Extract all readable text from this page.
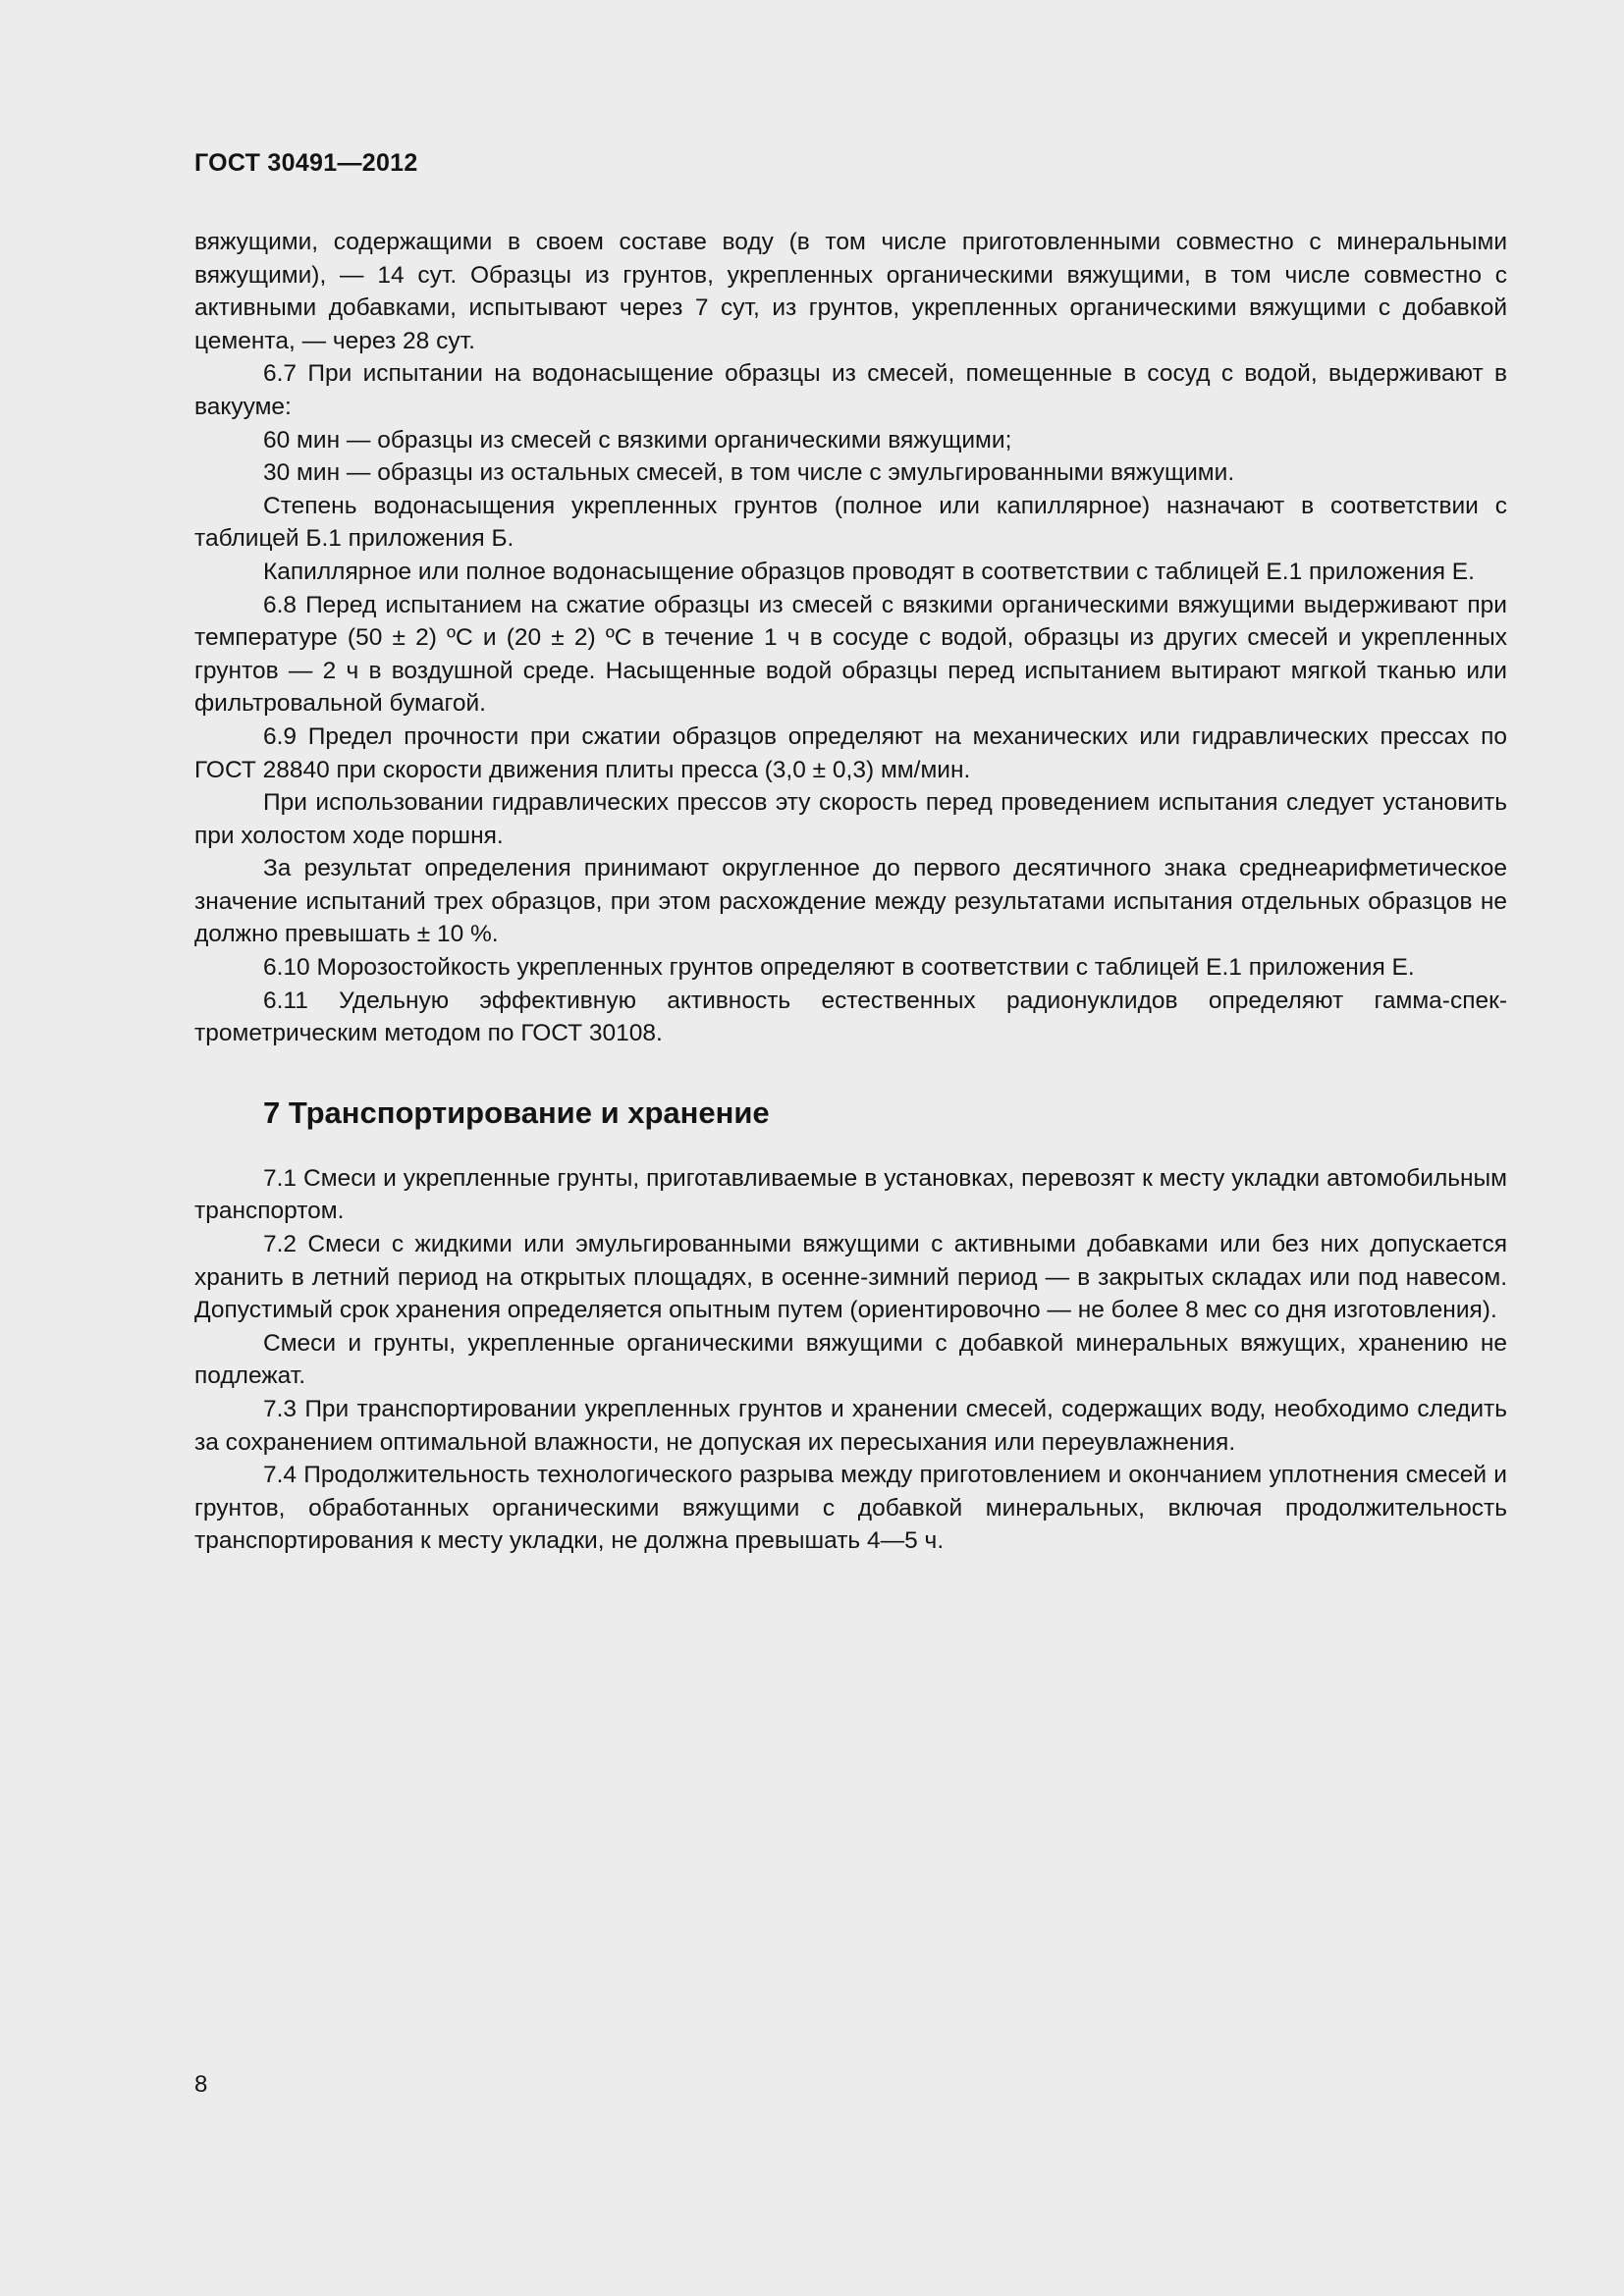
ГОСТ 30491—2012

вяжущими, содержащими в своем составе воду (в том числе приготовленными совместно с минеральными вяжущими), — 14 сут. Образцы из грунтов, укрепленных органическими вяжущими, в том числе совместно с активными добавками, испытывают через 7 сут, из грунтов, укрепленных органическими вяжущими с добавкой цемента, — через 28 сут.

6.7 При испытании на водонасыщение образцы из смесей, помещенные в сосуд с водой, выдерживают в вакууме:

60 мин — образцы из смесей с вязкими органическими вяжущими;

30 мин — образцы из остальных смесей, в том числе с эмульгированными вяжущими.

Степень водонасыщения укрепленных грунтов (полное или капиллярное) назначают в соответствии с таблицей Б.1 приложения Б.

Капиллярное или полное водонасыщение образцов проводят в соответствии с таблицей Е.1 приложения Е.

6.8 Перед испытанием на сжатие образцы из смесей с вязкими органическими вяжущими выдерживают при температуре (50 ± 2) ºС и (20 ± 2) ºС в течение 1 ч в сосуде с водой, образцы из других смесей и укрепленных грунтов — 2 ч в воздушной среде. Насыщенные водой образцы перед испытанием вытирают мягкой тканью или фильтровальной бумагой.

6.9 Предел прочности при сжатии образцов определяют на механических или гидравлических прессах по ГОСТ 28840 при скорости движения плиты пресса (3,0 ± 0,3) мм/мин.

При использовании гидравлических прессов эту скорость перед проведением испытания следует установить при холостом ходе поршня.

За результат определения принимают округленное до первого десятичного знака среднеарифметическое значение испытаний трех образцов, при этом расхождение между результатами испытания отдельных образцов не должно превышать ± 10 %.

6.10 Морозостойкость укрепленных грунтов определяют в соответствии с таблицей Е.1 приложения Е.

6.11 Удельную эффективную активность естественных радионуклидов определяют гамма-спектрометрическим методом по ГОСТ 30108.

7 Транспортирование и хранение

7.1 Смеси и укрепленные грунты, приготавливаемые в установках, перевозят к месту укладки автомобильным транспортом.

7.2 Смеси с жидкими или эмульгированными вяжущими с активными добавками или без них допускается хранить в летний период на открытых площадях, в осенне-зимний период — в закрытых складах или под навесом. Допустимый срок хранения определяется опытным путем (ориентировочно — не более 8 мес со дня изготовления).

Смеси и грунты, укрепленные органическими вяжущими с добавкой минеральных вяжущих, хранению не подлежат.

7.3 При транспортировании укрепленных грунтов и хранении смесей, содержащих воду, необходимо следить за сохранением оптимальной влажности, не допуская их пересыхания или переувлажнения.

7.4 Продолжительность технологического разрыва между приготовлением и окончанием уплотнения смесей и грунтов, обработанных органическими вяжущими с добавкой минеральных, включая продолжительность транспортирования к месту укладки, не должна превышать 4—5 ч.

8
